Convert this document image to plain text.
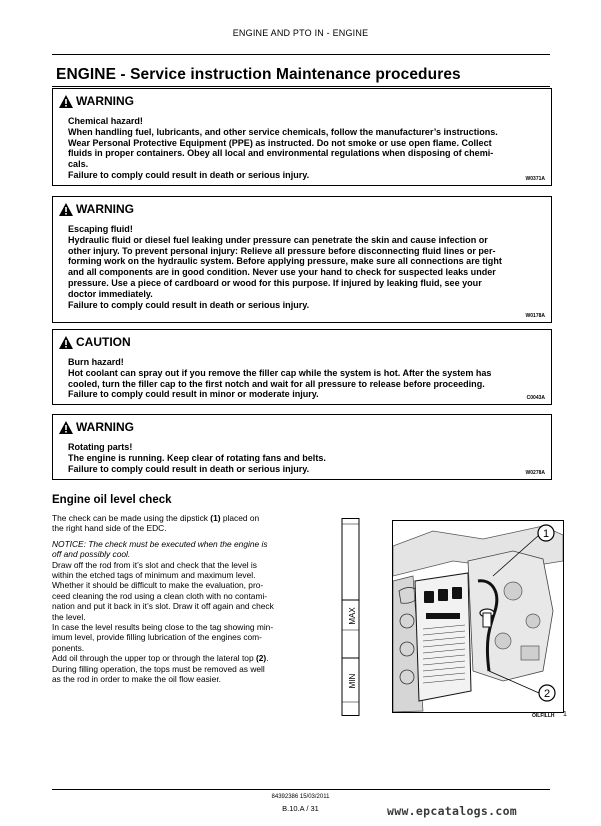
ENGINE AND PTO IN - ENGINE
ENGINE - Service instruction Maintenance procedures
WARNING
Chemical hazard!
When handling fuel, lubricants, and other service chemicals, follow the manufacturer’s instructions.
Wear Personal Protective Equipment (PPE) as instructed. Do not smoke or use open flame. Collect
fluids in proper containers. Obey all local and environmental regulations when disposing of chemi-
cals.
Failure to comply could result in death or serious injury.	W0371A
WARNING
Escaping fluid!
Hydraulic fluid or diesel fuel leaking under pressure can penetrate the skin and cause infection or
other injury. To prevent personal injury: Relieve all pressure before disconnecting fluid lines or per-
forming work on the hydraulic system. Before applying pressure, make sure all connections are tight
and all components are in good condition. Never use your hand to check for suspected leaks under
pressure. Use a piece of cardboard or wood for this purpose. If injured by leaking fluid, see your
doctor immediately.
Failure to comply could result in death or serious injury.
W0178A
CAUTION
Burn hazard!
Hot coolant can spray out if you remove the filler cap while the system is hot. After the system has
cooled, turn the filler cap to the first notch and wait for all pressure to release before proceeding.
Failure to comply could result in minor or moderate injury.	C0043A
WARNING
Rotating parts!
The engine is running. Keep clear of rotating fans and belts.
Failure to comply could result in death or serious injury.	W0278A
Engine oil level check

The check can be made using the dipstick (1) placed on

the right hand side of the EDC.

NOTICE: The check must be executed when the engine is

off and possibly cool.

Draw off the rod from it’s slot and check that the level is

within the etched tags of minimum and maximum level.

Whether it should be difficult to make the evaluation, pro-

ceed cleaning the rod using a clean cloth with no contami-

nation and put it back in it’s slot. Draw it off again and check

the level.

In case the level results being close to the tag showing min-

imum level, provide filling lubrication of the engines com-

ponents.

Add oil through the upper top or through the lateral top (2).

During filling operation, the tops must be removed as well

as the rod in order to make the oil flow easier.

MAX
MIN
1
2
OILFILLH 1
84392386 15/03/2011
B.10.A / 31	www.epcatalogs.com
